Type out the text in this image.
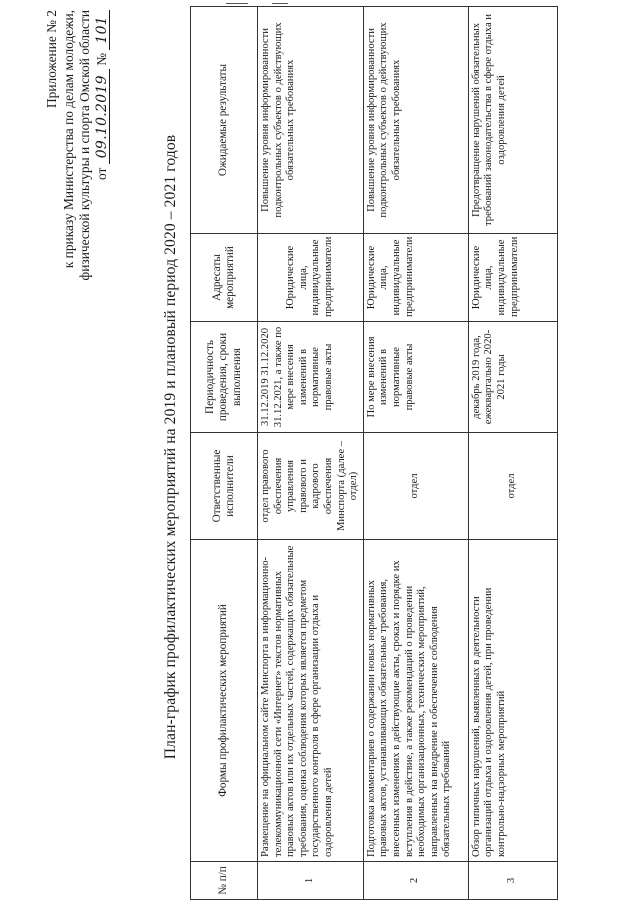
Приложение № 2 к приказу Министерства по делам молодежи, физической культуры и спорта Омской области от 09.10.2019 № 101
План-график профилактических мероприятий на 2019 и плановый период 2020 – 2021 годов
№ п/п	Формы профилактических мероприятий	Ответственные исполнители	Периодичность проведения, сроки выполнения	Адресаты мероприятий	Ожидаемые результаты
1	Размещение на официальном сайте Минспорта в информационно-телекоммуникационной сети «Интернет» текстов нормативных правовых актов или их отдельных частей, содержащих обязательные требования, оценка соблюдения которых является предметом государственного контроля в сфере организации отдыха и оздоровления детей	отдел правового обеспечения управления правового и кадрового обеспечения Минспорта (далее – отдел)	31.12.2019 31.12.2020 31.12.2021, а также по мере внесения изменений в нормативные правовые акты	Юридические лица, индивидуальные предприниматели	Повышение уровня информированности подконтрольных субъектов о действующих обязательных требованиях
2	Подготовка комментариев о содержании новых нормативных правовых актов, устанавливающих обязательные требования, внесенных изменениях в действующие акты, сроках и порядке их вступления в действие, а также рекомендаций о проведении необходимых организационных, технических мероприятий, направленных на внедрение и обеспечение соблюдения обязательных требований	отдел	По мере внесения изменений в нормативные правовые акты	Юридические лица, индивидуальные предприниматели	Повышение уровня информированности подконтрольных субъектов о действующих обязательных требованиях
3	Обзор типичных нарушений, выявленных в деятельности организаций отдыха и оздоровления детей, при проведении контрольно-надзорных мероприятий	отдел	декабрь 2019 года, ежеквартально 2020-2021 годы	Юридические лица, индивидуальные предприниматели	Предотвращение нарушений обязательных требований законодательства в сфере отдыха и оздоровления детей
